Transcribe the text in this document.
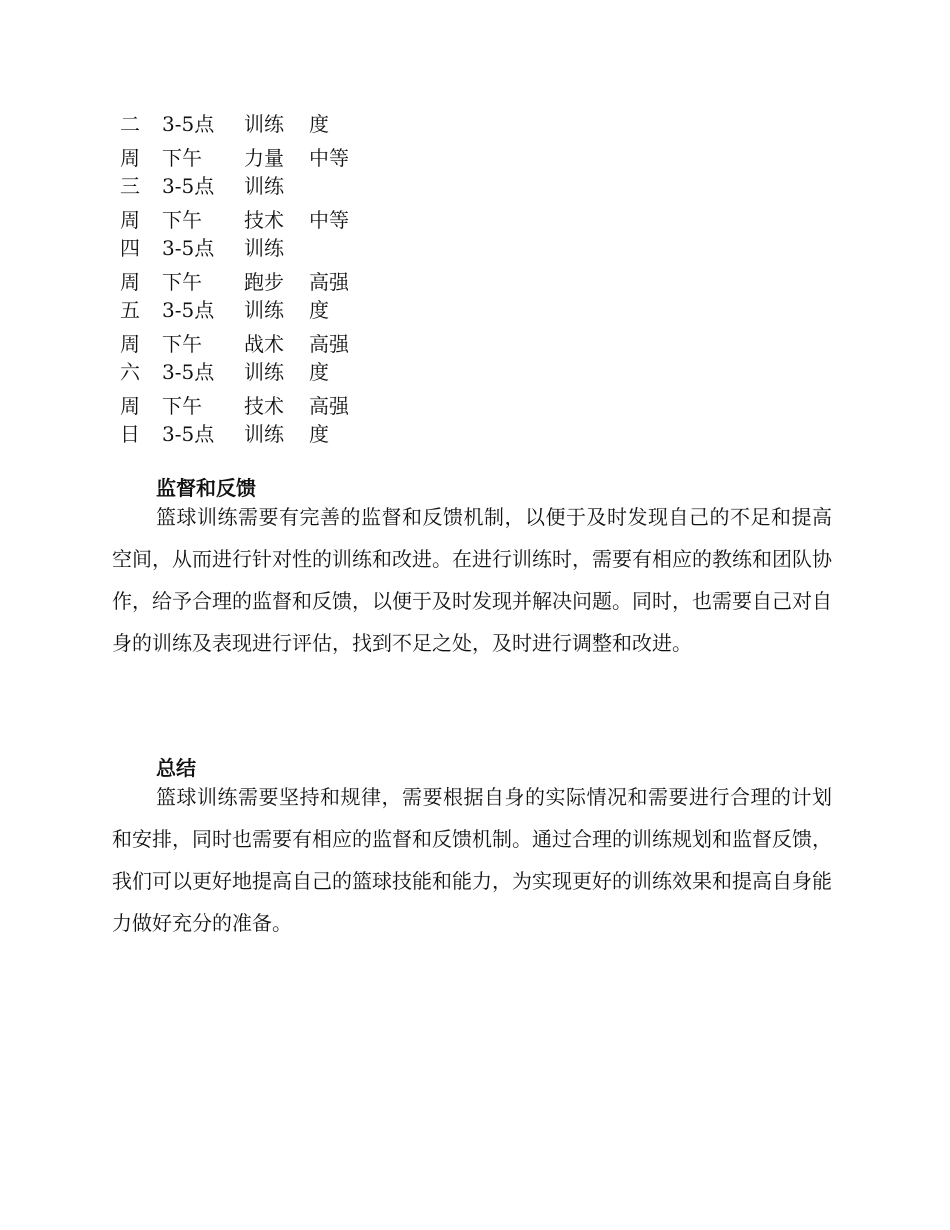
二 3-5点 训练 度
周
三
下午
3-5点
力量
训练
中等
周
四
下午
3-5点
技术
训练
中等
周
五
下午
3-5点
跑步
训练
高强
度
周
六
下午
3-5点
战术
训练
高强
度
周
日
下午
3-5点
技术
训练
高强
度
监督和反馈

篮球训练需要有完善的监督和反馈机制，以便于及时发现自己的不足和提高空间，从而进行针对性的训练和改进。在进行训练时，需要有相应的教练和团队协作，给予合理的监督和反馈，以便于及时发现并解决问题。同时，也需要自己对自身的训练及表现进行评估，找到不足之处，及时进行调整和改进。

总结

篮球训练需要坚持和规律，需要根据自身的实际情况和需要进行合理的计划和安排，同时也需要有相应的监督和反馈机制。通过合理的训练规划和监督反馈，我们可以更好地提高自己的篮球技能和能力，为实现更好的训练效果和提高自身能力做好充分的准备。
